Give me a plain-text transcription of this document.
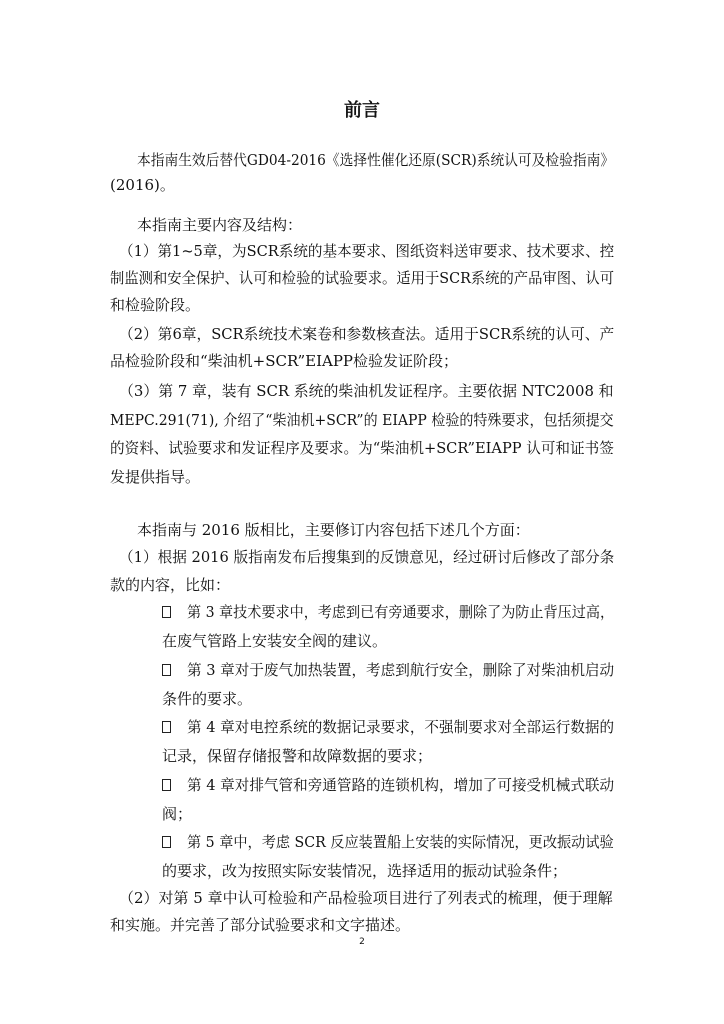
前言
本指南生效后替代GD04-2016《选择性催化还原(SCR)系统认可及检验指南》
(2016)。
本指南主要内容及结构：
（1）第1~5章，为SCR系统的基本要求、图纸资料送审要求、技术要求、控
制监测和安全保护、认可和检验的试验要求。适用于SCR系统的产品审图、认可
和检验阶段。
（2）第6章，SCR系统技术案卷和参数核查法。适用于SCR系统的认可、产
品检验阶段和“柴油机+SCR”EIAPP检验发证阶段；
（3）第 7 章，装有 SCR 系统的柴油机发证程序。主要依据 NTC2008 和
MEPC.291(71), 介绍了“柴油机+SCR”的 EIAPP 检验的特殊要求，包括须提交
的资料、试验要求和发证程序及要求。为“柴油机+SCR”EIAPP 认可和证书签
发提供指导。
本指南与 2016 版相比，主要修订内容包括下述几个方面：
（1）根据 2016 版指南发布后搜集到的反馈意见，经过研讨后修改了部分条
款的内容，比如：
第 3 章技术要求中，考虑到已有旁通要求，删除了为防止背压过高，
在废气管路上安装安全阀的建议。
第 3 章对于废气加热装置，考虑到航行安全，删除了对柴油机启动
条件的要求。
第 4 章对电控系统的数据记录要求，不强制要求对全部运行数据的
记录，保留存储报警和故障数据的要求；
第 4 章对排气管和旁通管路的连锁机构，增加了可接受机械式联动
阀；
第 5 章中，考虑 SCR 反应装置船上安装的实际情况，更改振动试验
的要求，改为按照实际安装情况，选择适用的振动试验条件；
（2）对第 5 章中认可检验和产品检验项目进行了列表式的梳理，便于理解
和实施。并完善了部分试验要求和文字描述。
2
